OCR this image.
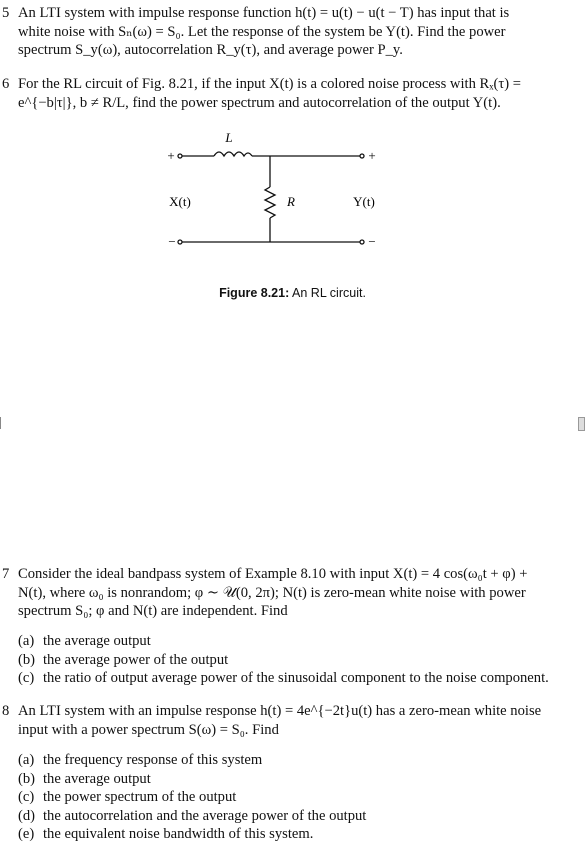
5 An LTI system with impulse response function h(t) = u(t) − u(t − T) has input that is
white noise with Sₙ(ω) = S₀. Let the response of the system be Y(t). Find the power
spectrum S_y(ω), autocorrelation R_y(τ), and average power P_y.
6 For the RL circuit of Fig. 8.21, if the input X(t) is a colored noise process with Rₓ(τ) =
e^{−b|τ|}, b ≠ R/L, find the power spectrum and autocorrelation of the output Y(t).
L
+	+
X(t)	R	Y(t)
−	−
Figure 8.21: An RL circuit.
7 Consider the ideal bandpass system of Example 8.10 with input X(t) = 4 cos(ω₀t + φ) +
N(t), where ω₀ is nonrandom; φ ∼ 𝒰(0, 2π); N(t) is zero-mean white noise with power
spectrum S₀; φ and N(t) are independent. Find
(a) the average output
(b) the average power of the output
(c) the ratio of output average power of the sinusoidal component to the noise component.
8 An LTI system with an impulse response h(t) = 4e^{−2t}u(t) has a zero-mean white noise
input with a power spectrum S(ω) = S₀. Find
(a) the frequency response of this system
(b) the average output
(c) the power spectrum of the output
(d) the autocorrelation and the average power of the output
(e) the equivalent noise bandwidth of this system.
